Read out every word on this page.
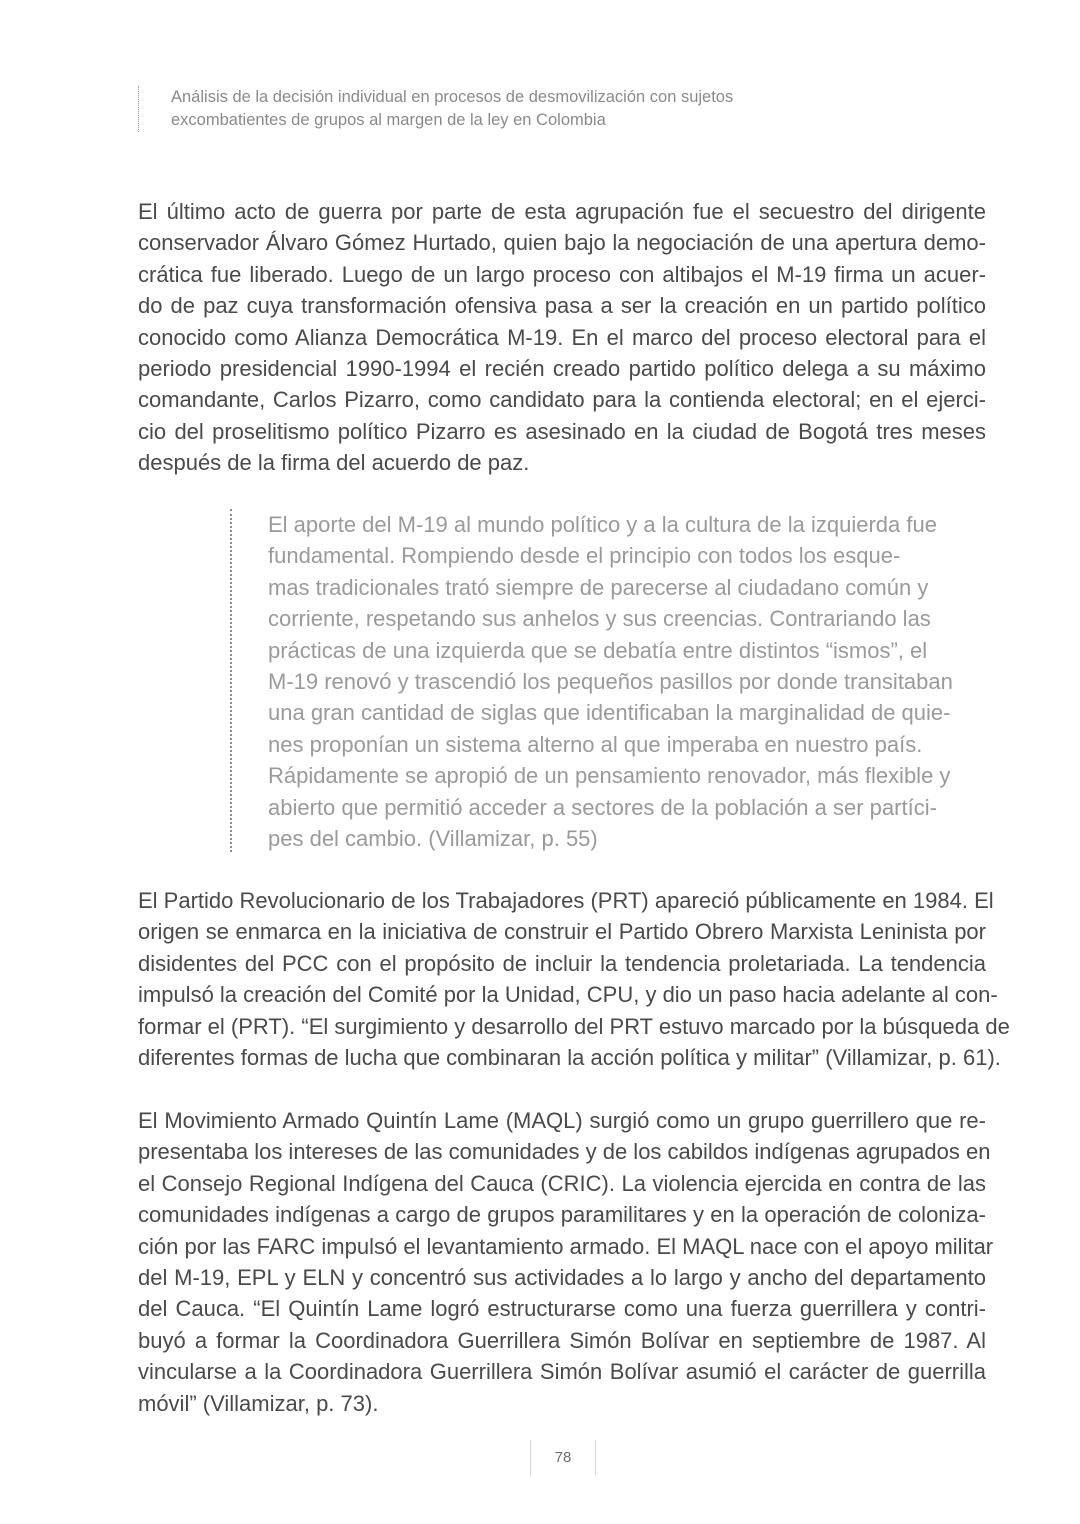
Análisis de la decisión individual en procesos de desmovilización con sujetos
excombatientes de grupos al margen de la ley en Colombia

El último acto de guerra por parte de esta agrupación fue el secuestro del dirigente
conservador Álvaro Gómez Hurtado, quien bajo la negociación de una apertura demo-
crática fue liberado. Luego de un largo proceso con altibajos el M-19 firma un acuer-
do de paz cuya transformación ofensiva pasa a ser la creación en un partido político
conocido como Alianza Democrática M-19. En el marco del proceso electoral para el
periodo presidencial 1990-1994 el recién creado partido político delega a su máximo
comandante, Carlos Pizarro, como candidato para la contienda electoral; en el ejerci-
cio del proselitismo político Pizarro es asesinado en la ciudad de Bogotá tres meses
después de la firma del acuerdo de paz.

El aporte del M-19 al mundo político y a la cultura de la izquierda fue
fundamental. Rompiendo desde el principio con todos los esque-
mas tradicionales trató siempre de parecerse al ciudadano común y
corriente, respetando sus anhelos y sus creencias. Contrariando las
prácticas de una izquierda que se debatía entre distintos “ismos”, el
M-19 renovó y trascendió los pequeños pasillos por donde transitaban
una gran cantidad de siglas que identificaban la marginalidad de quie-
nes proponían un sistema alterno al que imperaba en nuestro país.
Rápidamente se apropió de un pensamiento renovador, más flexible y
abierto que permitió acceder a sectores de la población a ser partíci-
pes del cambio. (Villamizar, p. 55)

El Partido Revolucionario de los Trabajadores (PRT) apareció públicamente en 1984. El
origen se enmarca en la iniciativa de construir el Partido Obrero Marxista Leninista por
disidentes del PCC con el propósito de incluir la tendencia proletariada. La tendencia
impulsó la creación del Comité por la Unidad, CPU, y dio un paso hacia adelante al con-
formar el (PRT). “El surgimiento y desarrollo del PRT estuvo marcado por la búsqueda de
diferentes formas de lucha que combinaran la acción política y militar” (Villamizar, p. 61).

El Movimiento Armado Quintín Lame (MAQL) surgió como un grupo guerrillero que re-
presentaba los intereses de las comunidades y de los cabildos indígenas agrupados en
el Consejo Regional Indígena del Cauca (CRIC). La violencia ejercida en contra de las
comunidades indígenas a cargo de grupos paramilitares y en la operación de coloniza-
ción por las FARC impulsó el levantamiento armado. El MAQL nace con el apoyo militar
del M-19, EPL y ELN y concentró sus actividades a lo largo y ancho del departamento
del Cauca. “El Quintín Lame logró estructurarse como una fuerza guerrillera y contri-
buyó a formar la Coordinadora Guerrillera Simón Bolívar en septiembre de 1987. Al
vincularse a la Coordinadora Guerrillera Simón Bolívar asumió el carácter de guerrilla
móvil” (Villamizar, p. 73).

78
